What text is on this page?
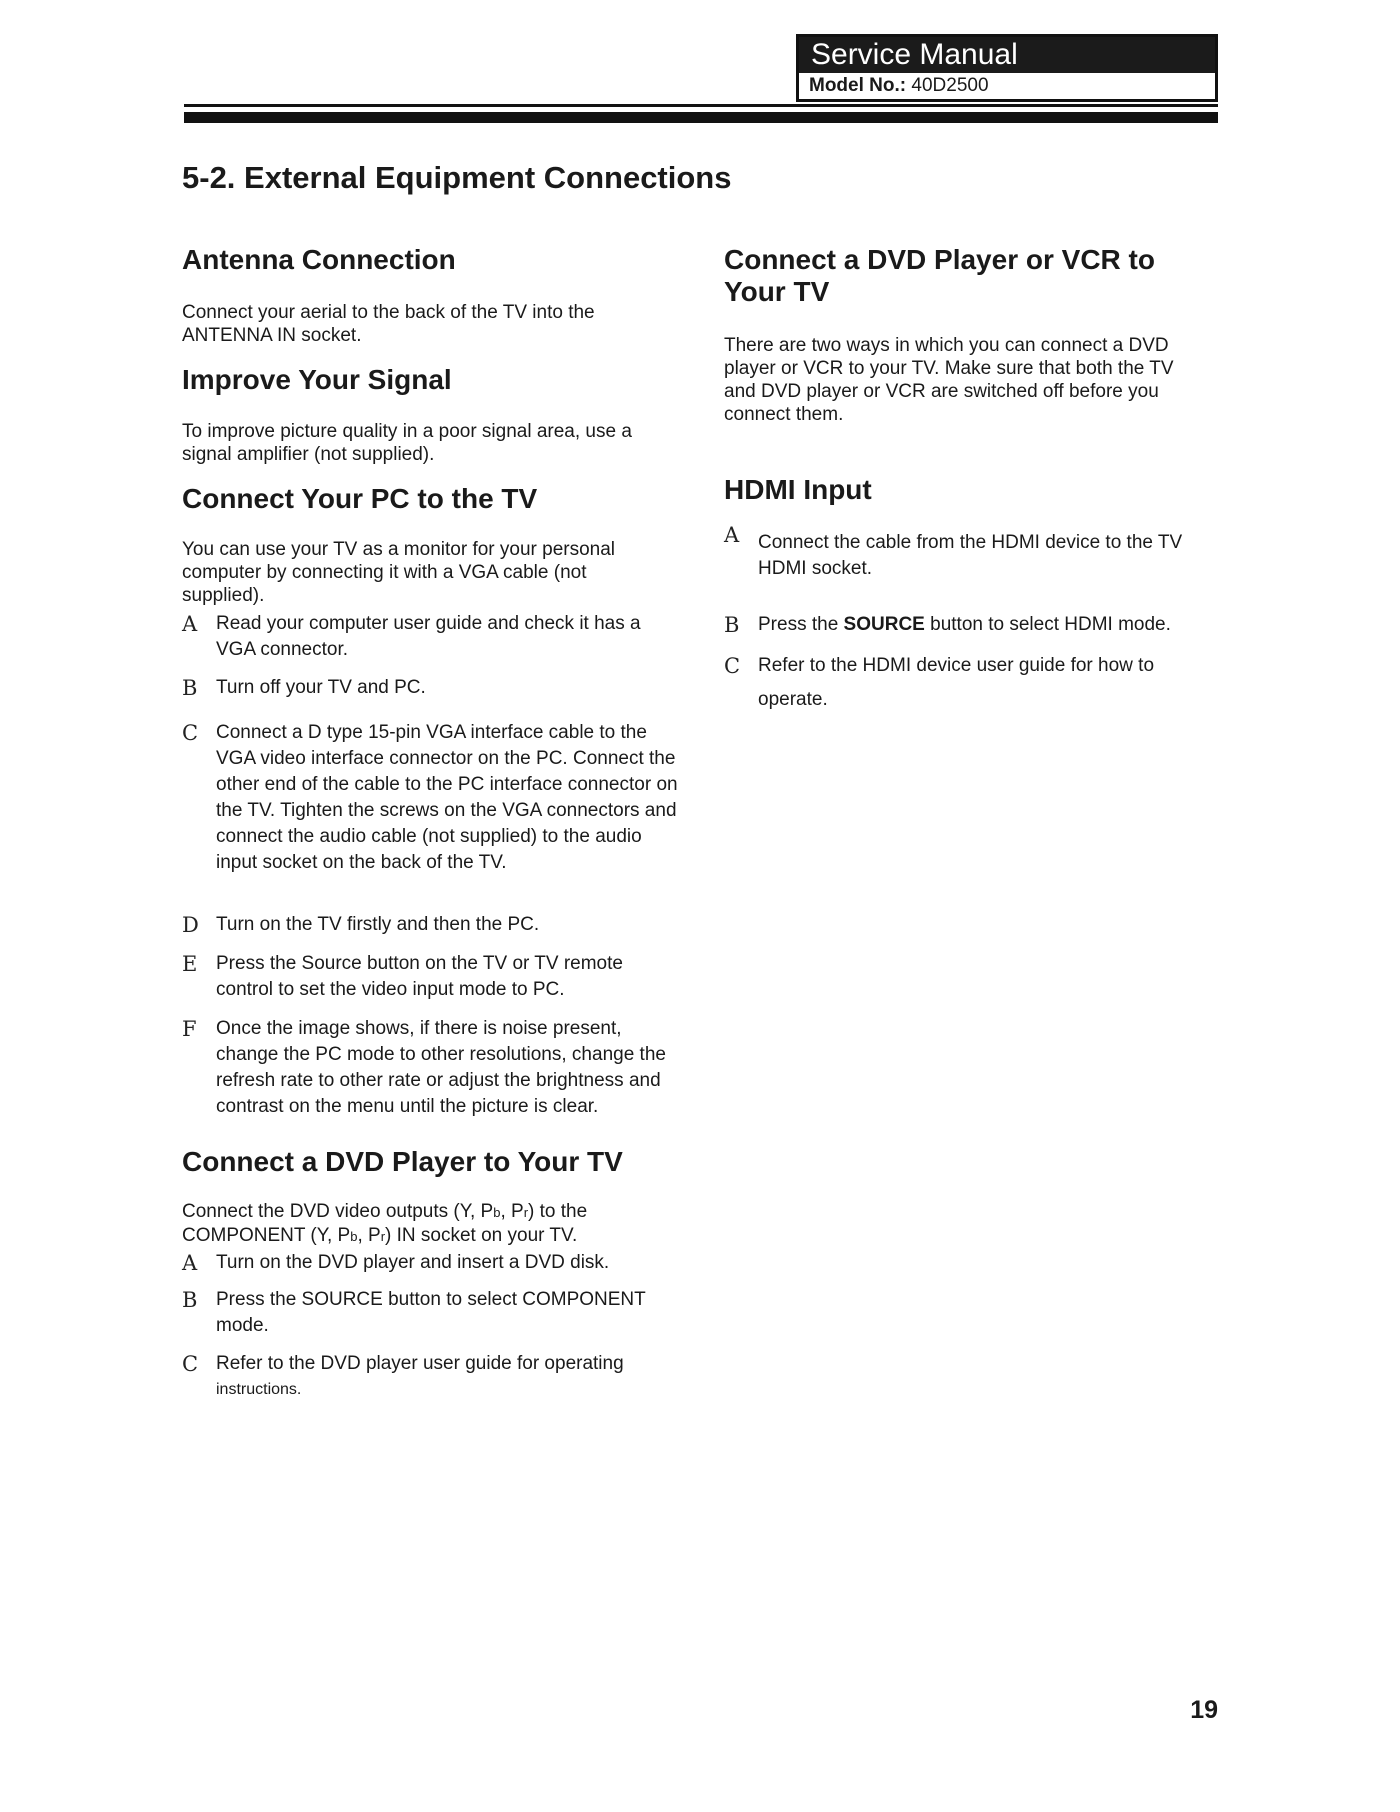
Service Manual
Model No.: 40D2500
5-2. External Equipment Connections
Antenna Connection

Connect your aerial to the back of the TV into the ANTENNA IN socket.

Improve Your Signal

To improve picture quality in a poor signal area, use a signal amplifier (not supplied).

Connect Your PC to the TV

You can use your TV as a monitor for your personal computer by connecting it with a VGA cable (not supplied).

A Read your computer user guide and check it has a VGA connector.
B Turn off your TV and PC.
C Connect a D type 15-pin VGA interface cable to the VGA video interface connector on the PC. Connect the other end of the cable to the PC interface connector on the TV. Tighten the screws on the VGA connectors and connect the audio cable (not supplied) to the audio input socket on the back of the TV.
D Turn on the TV firstly and then the PC.
E Press the Source button on the TV or TV remote control to set the video input mode to PC.
F Once the image shows, if there is noise present, change the PC mode to other resolutions, change the refresh rate to other rate or adjust the brightness and contrast on the menu until the picture is clear.
Connect a DVD Player to Your TV

Connect the DVD video outputs (Y, Pb, Pr) to the
COMPONENT (Y, Pb, Pr) IN socket on your TV.

A Turn on the DVD player and insert a DVD disk.
B Press the SOURCE button to select COMPONENT mode.
C Refer to the DVD player user guide for operating
instructions.
Connect a DVD Player or VCR to Your TV

There are two ways in which you can connect a DVD player or VCR to your TV. Make sure that both the TV and DVD player or VCR are switched off before you connect them.

HDMI Input
A Connect the cable from the HDMI device to the TV HDMI socket.
B Press the SOURCE button to select HDMI mode.
C Refer to the HDMI device user guide for how to operate.
19
